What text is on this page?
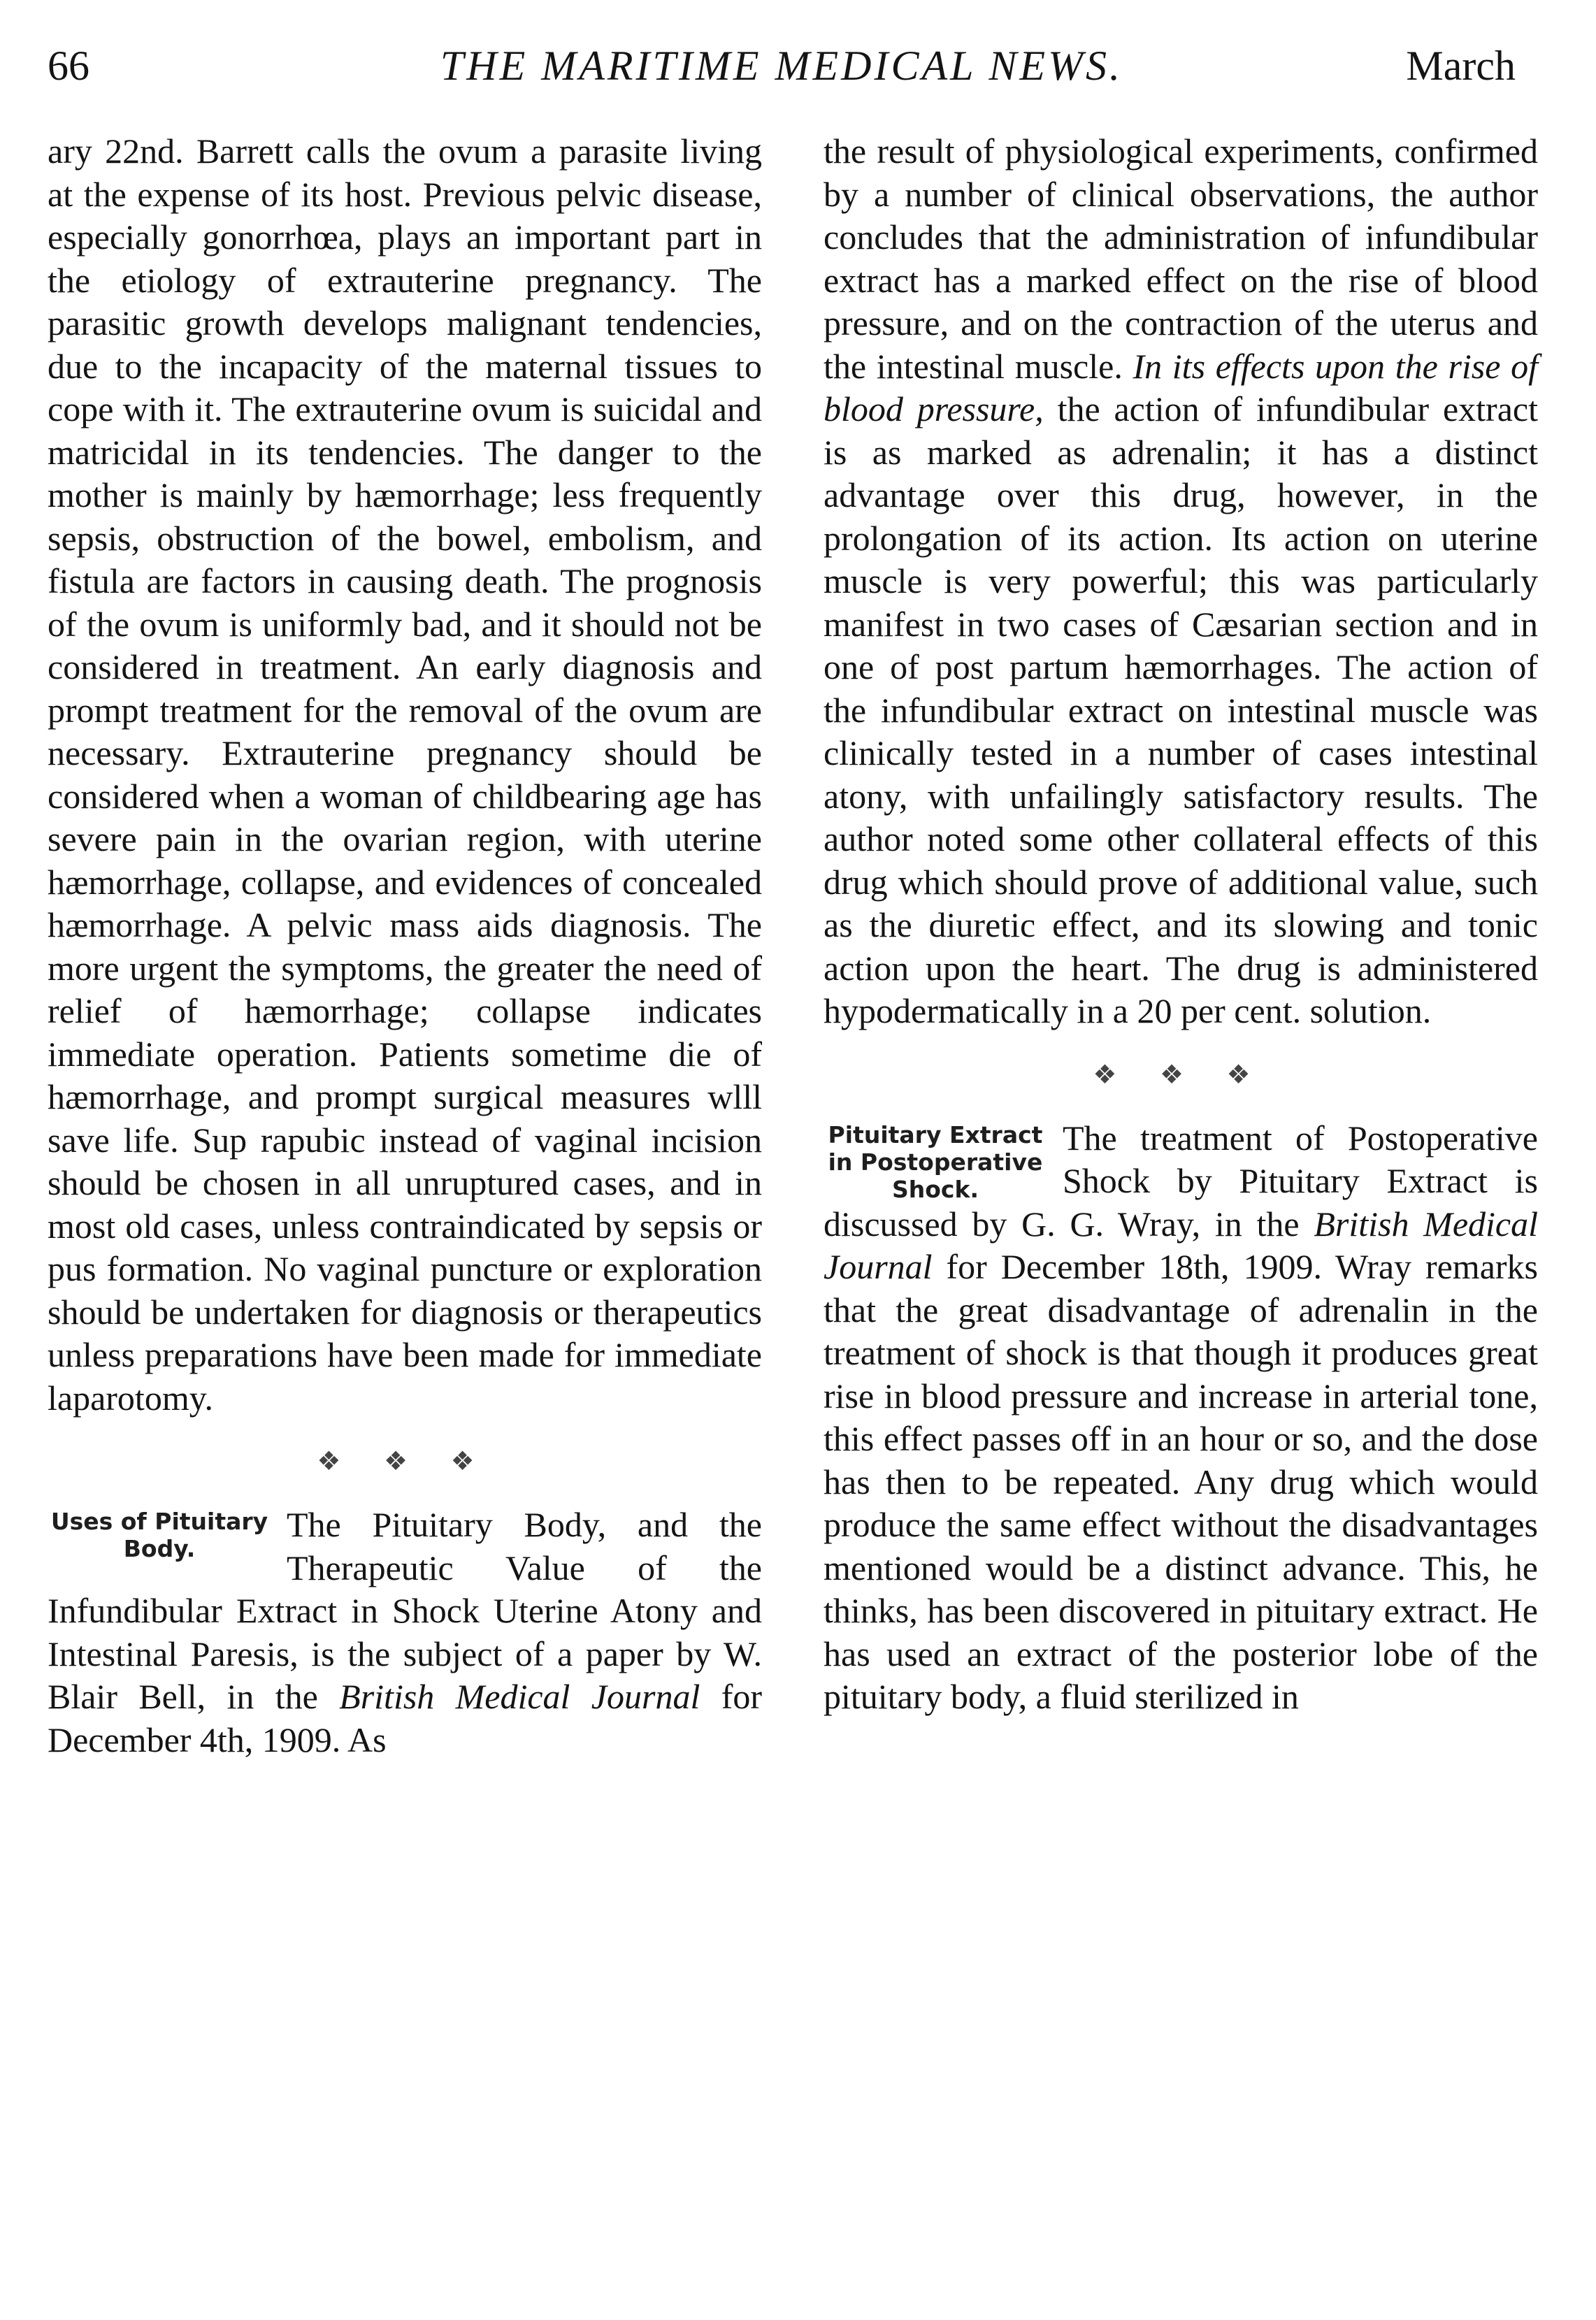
66	THE MARITIME MEDICAL NEWS.	March

ary 22nd. Barrett calls the ovum a parasite living at the expense of its host. Previous pelvic disease, especially gonorrhœa, plays an important part in the etiology of extrauterine pregnancy. The parasitic growth develops malignant tendencies, due to the incapacity of the maternal tissues to cope with it. The extrauterine ovum is suicidal and matricidal in its tendencies. The danger to the mother is mainly by hæmorrhage; less frequently sepsis, obstruction of the bowel, embolism, and fistula are factors in causing death. The prognosis of the ovum is uniformly bad, and it should not be considered in treatment. An early diagnosis and prompt treatment for the removal of the ovum are necessary. Extrauterine pregnancy should be considered when a woman of childbearing age has severe pain in the ovarian region, with uterine hæmorrhage, collapse, and evidences of concealed hæmorrhage. A pelvic mass aids diagnosis. The more urgent the symptoms, the greater the need of relief of hæmorrhage; collapse indicates immediate operation. Patients sometime die of hæmorrhage, and prompt surgical measures wlll save life. Sup rapubic instead of vaginal incision should be chosen in all unruptured cases, and in most old cases, unless contraindicated by sepsis or pus formation. No vaginal puncture or exploration should be undertaken for diagnosis or therapeutics unless preparations have been made for immediate laparotomy.

❖ ❖ ❖

Uses of Pituitary Body.
The Pituitary Body, and the Therapeutic Value of the Infundibular Extract in Shock Uterine Atony and Intestinal Paresis, is the subject of a paper by W. Blair Bell, in the British Medical Journal for December 4th, 1909. As

the result of physiological experiments, confirmed by a number of clinical observations, the author concludes that the administration of infundibular extract has a marked effect on the rise of blood pressure, and on the contraction of the uterus and the intestinal muscle. In its effects upon the rise of blood pressure, the action of infundibular extract is as marked as adrenalin; it has a distinct advantage over this drug, however, in the prolongation of its action. Its action on uterine muscle is very powerful; this was particularly manifest in two cases of Cæsarian section and in one of post partum hæmorrhages. The action of the infundibular extract on intestinal muscle was clinically tested in a number of cases intestinal atony, with unfailingly satisfactory results. The author noted some other collateral effects of this drug which should prove of additional value, such as the diuretic effect, and its slowing and tonic action upon the heart. The drug is administered hypodermatically in a 20 per cent. solution.

❖ ❖ ❖

Pituitary Extract in Postoperative Shock.
The treatment of Postoperative Shock by Pituitary Extract is discussed by G. G. Wray, in the British Medical Journal for December 18th, 1909. Wray remarks that the great disadvantage of adrenalin in the treatment of shock is that though it produces great rise in blood pressure and increase in arterial tone, this effect passes off in an hour or so, and the dose has then to be repeated. Any drug which would produce the same effect without the disadvantages mentioned would be a distinct advance. This, he thinks, has been discovered in pituitary extract. He has used an extract of the posterior lobe of the pituitary body, a fluid sterilized in
